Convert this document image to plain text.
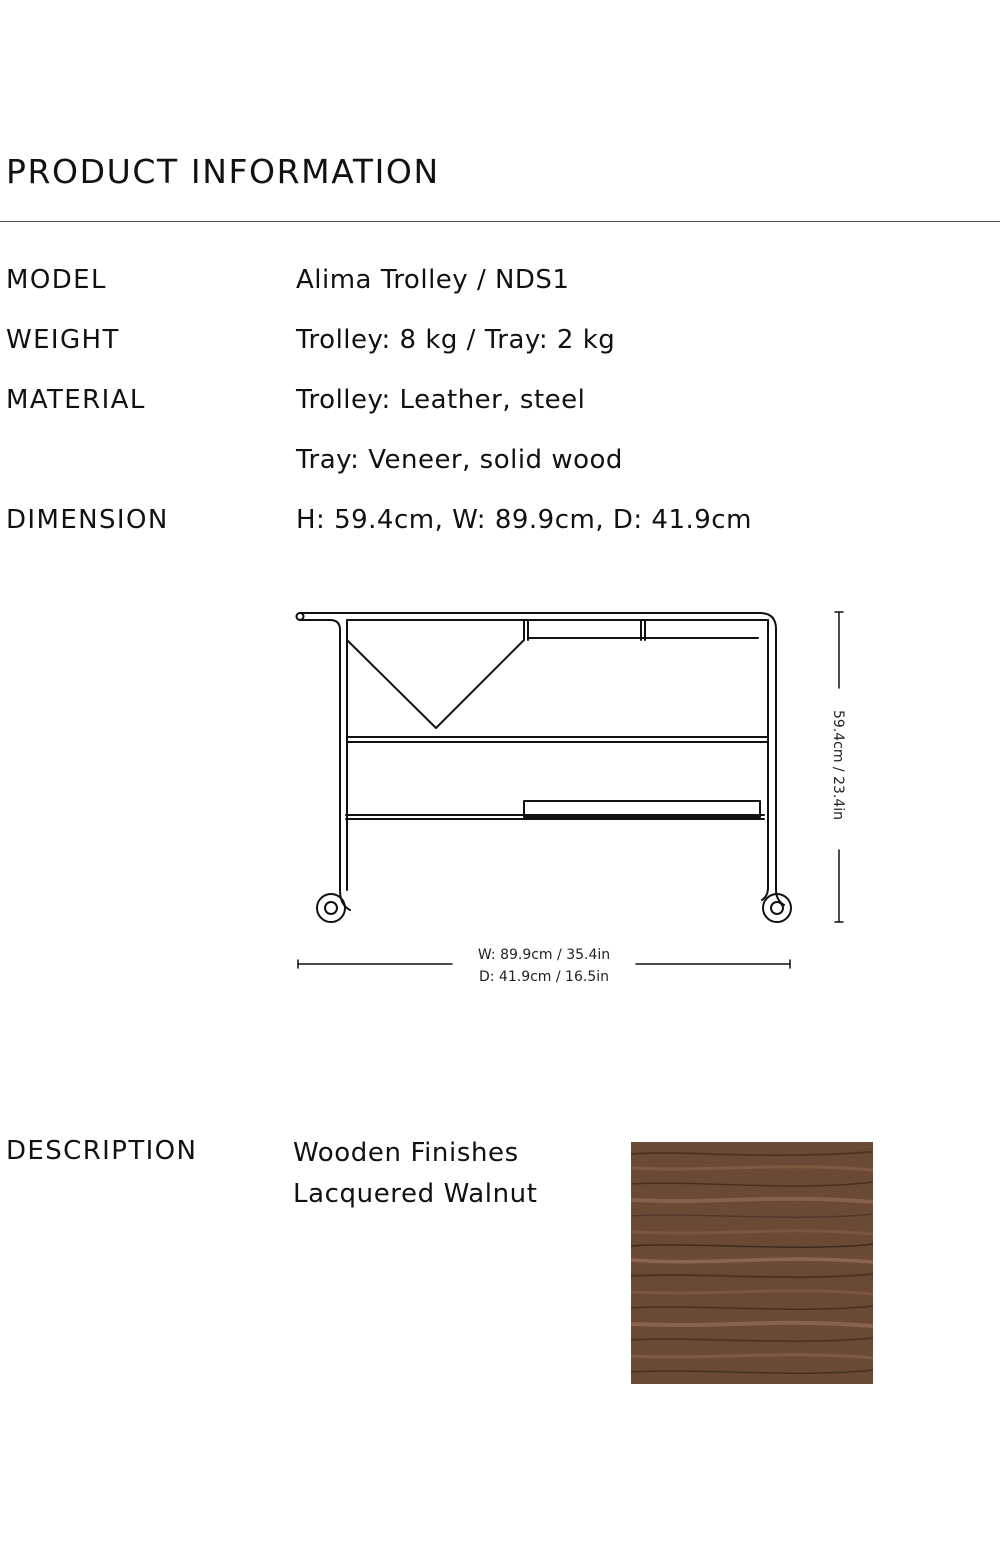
PRODUCT INFORMATION
MODEL	Alima Trolley / NDS1
WEIGHT	Trolley: 8 kg / Tray: 2 kg
MATERIAL	Trolley: Leather, steel
Tray: Veneer, solid wood
DIMENSION	H: 59.4cm, W: 89.9cm, D: 41.9cm
59.4cm / 23.4in
W: 89.9cm / 35.4in
D: 41.9cm / 16.5in
DESCRIPTION	Wooden Finishes
Lacquered Walnut
